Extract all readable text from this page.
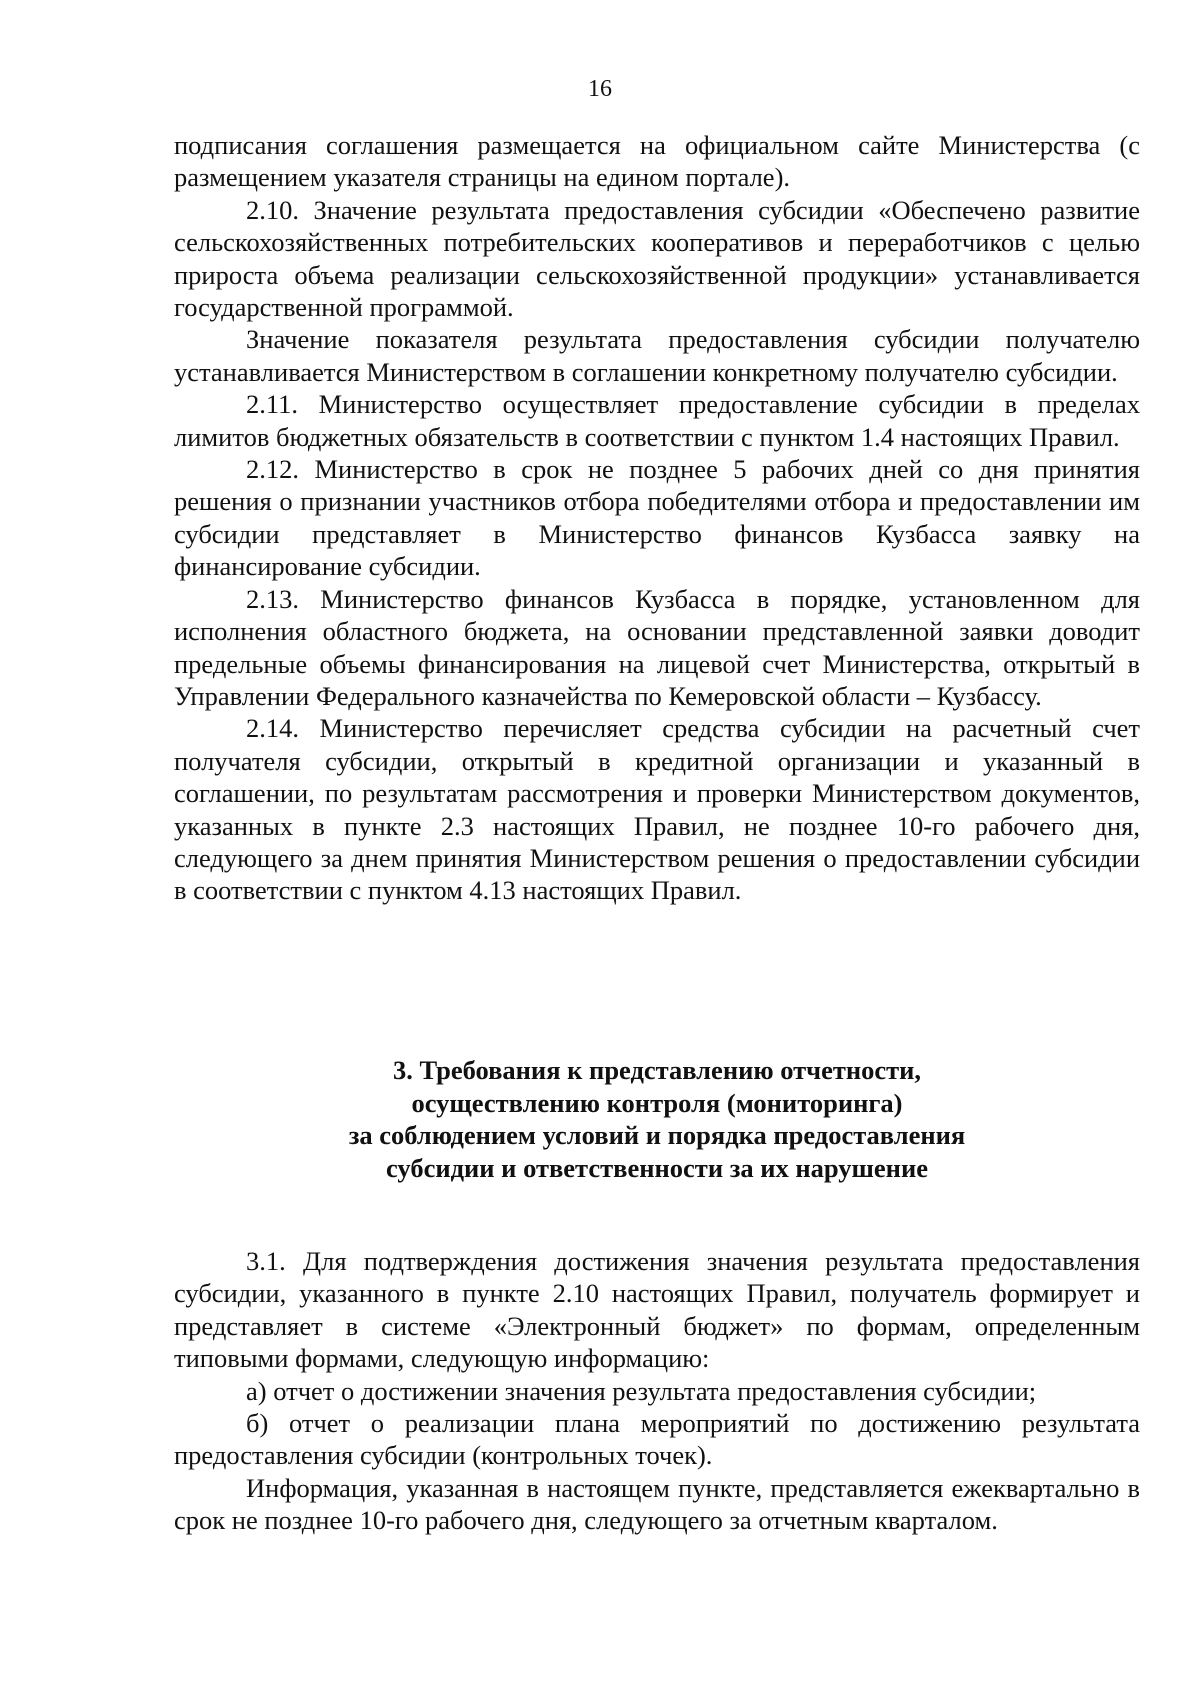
16

подписания соглашения размещается на официальном сайте Министерства (с размещением указателя страницы на едином портале).

2.10. Значение результата предоставления субсидии «Обеспечено развитие сельскохозяйственных потребительских кооперативов и переработчиков с целью прироста объема реализации сельскохозяйственной продукции» устанавливается государственной программой.

Значение показателя результата предоставления субсидии получателю устанавливается Министерством в соглашении конкретному получателю субсидии.

2.11. Министерство осуществляет предоставление субсидии в пределах лимитов бюджетных обязательств в соответствии с пунктом 1.4 настоящих Правил.

2.12. Министерство в срок не позднее 5 рабочих дней со дня принятия решения о признании участников отбора победителями отбора и предоставлении им субсидии представляет в Министерство финансов Кузбасса заявку на финансирование субсидии.

2.13. Министерство финансов Кузбасса в порядке, установленном для исполнения областного бюджета, на основании представленной заявки доводит предельные объемы финансирования на лицевой счет Министерства, открытый в Управлении Федерального казначейства по Кемеровской области – Кузбассу.

2.14. Министерство перечисляет средства субсидии на расчетный счет получателя субсидии, открытый в кредитной организации и указанный в соглашении, по результатам рассмотрения и проверки Министерством документов, указанных в пункте 2.3 настоящих Правил, не позднее 10-го рабочего дня, следующего за днем принятия Министерством решения о предоставлении субсидии в соответствии с пунктом 4.13 настоящих Правил.

3. Требования к представлению отчетности,
осуществлению контроля (мониторинга)
за соблюдением условий и порядка предоставления
субсидии и ответственности за их нарушение

3.1. Для подтверждения достижения значения результата предоставления субсидии, указанного в пункте 2.10 настоящих Правил, получатель формирует и представляет в системе «Электронный бюджет» по формам, определенным типовыми формами, следующую информацию:

а) отчет о достижении значения результата предоставления субсидии;

б) отчет о реализации плана мероприятий по достижению результата предоставления субсидии (контрольных точек).

Информация, указанная в настоящем пункте, представляется ежеквартально в срок не позднее 10-го рабочего дня, следующего за отчетным кварталом.
